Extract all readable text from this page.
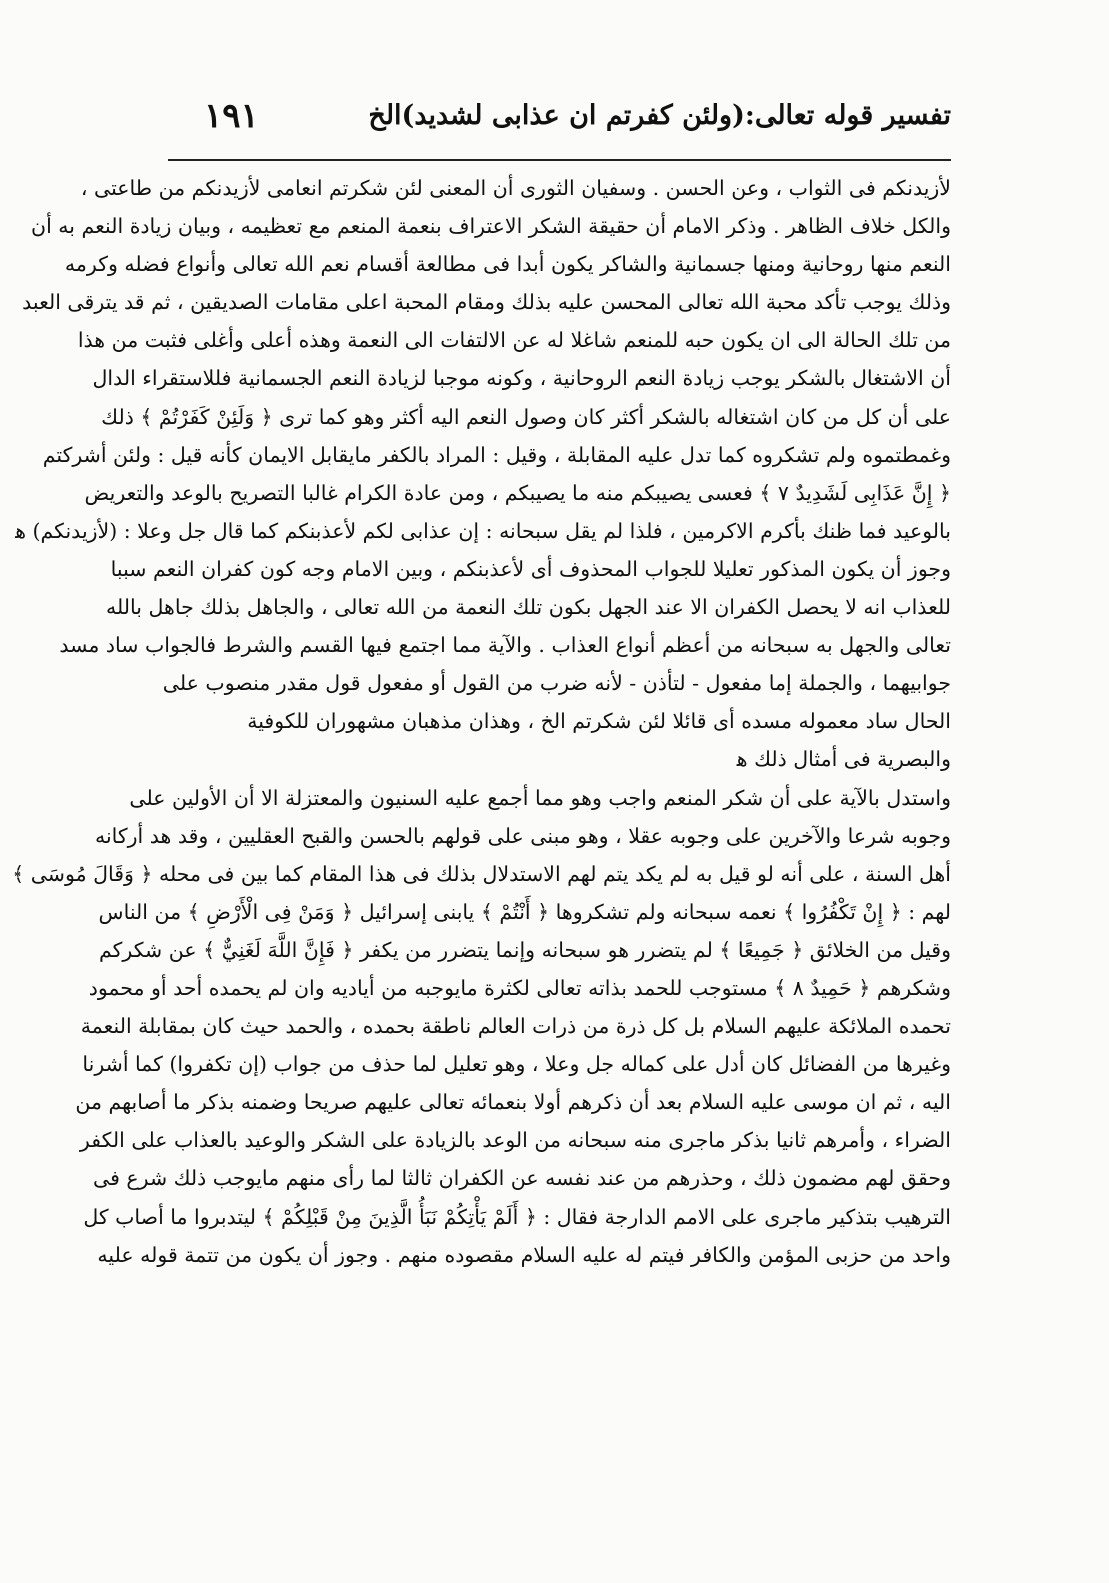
تفسير قوله تعالى:(ولئن كفرتم ان عذابى لشديد)الخ
١٩١
لأزيدنكم فى الثواب ، وعن الحسن . وسفيان الثورى أن المعنى لئن شكرتم انعامى لأزيدنكم من طاعتى ،
والكل خلاف الظاهر . وذكر الامام أن حقيقة الشكر الاعتراف بنعمة المنعم مع تعظيمه ، وبيان زيادة النعم به أن
النعم منها روحانية ومنها جسمانية والشاكر يكون أبدا فى مطالعة أقسام نعم الله تعالى وأنواع فضله وكرمه
وذلك يوجب تأكد محبة الله تعالى المحسن عليه بذلك ومقام المحبة اعلى مقامات الصديقين ، ثم قد يترقى العبد
من تلك الحالة الى ان يكون حبه للمنعم شاغلا له عن الالتفات الى النعمة وهذه أعلى وأغلى فثبت من هذا
أن الاشتغال بالشكر يوجب زيادة النعم الروحانية ، وكونه موجبا لزيادة النعم الجسمانية فللاستقراء الدال
على أن كل من كان اشتغاله بالشكر أكثر كان وصول النعم اليه أكثر وهو كما ترى ﴿ وَلَئِنْ كَفَرْتُمْ ﴾ ذلك
وغمطتموه ولم تشكروه كما تدل عليه المقابلة ، وقيل : المراد بالكفر مايقابل الايمان كأنه قيل : ولئن أشركتم
﴿ إِنَّ عَذَابِى لَشَدِيدٌ ٧ ﴾ فعسى يصيبكم منه ما يصيبكم ، ومن عادة الكرام غالبا التصريح بالوعد والتعريض
بالوعيد فما ظنك بأكرم الاكرمين ، فلذا لم يقل سبحانه : إن عذابى لكم لأعذبنكم كما قال جل وعلا : (لأزيدنكم) ﻫ
وجوز أن يكون المذكور تعليلا للجواب المحذوف أى لأعذبنكم ، وبين الامام وجه كون كفران النعم سببا
للعذاب انه لا يحصل الكفران الا عند الجهل بكون تلك النعمة من الله تعالى ، والجاهل بذلك جاهل بالله
تعالى والجهل به سبحانه من أعظم أنواع العذاب . والآية مما اجتمع فيها القسم والشرط فالجواب ساد مسد
جوابيهما ، والجملة إما مفعول - لتأذن - لأنه ضرب من القول أو مفعول قول مقدر منصوب على
الحال ساد معموله مسده أى قائلا لئن شكرتم الخ ، وهذان مذهبان مشهوران للكوفية
والبصرية فى أمثال ذلك ﻫ
واستدل بالآية على أن شكر المنعم واجب وهو مما أجمع عليه السنيون والمعتزلة الا أن الأولين على
وجوبه شرعا والآخرين على وجوبه عقلا ، وهو مبنى على قولهم بالحسن والقبح العقليين ، وقد هد أركانه
أهل السنة ، على أنه لو قيل به لم يكد يتم لهم الاستدلال بذلك فى هذا المقام كما بين فى محله ﴿ وَقَالَ مُوسَى ﴾
لهم : ﴿ إِنْ تَكْفُرُوا ﴾ نعمه سبحانه ولم تشكروها ﴿ أَنْتُمْ ﴾ يابنى إسرائيل ﴿ وَمَنْ فِى الْأَرْضِ ﴾ من الناس
وقيل من الخلائق ﴿ جَمِيعًا ﴾ لم يتضرر هو سبحانه وإنما يتضرر من يكفر ﴿ فَإِنَّ اللَّهَ لَغَنِيٌّ ﴾ عن شكركم
وشكرهم ﴿ حَمِيدٌ ٨ ﴾ مستوجب للحمد بذاته تعالى لكثرة مايوجبه من أياديه وان لم يحمده أحد أو محمود
تحمده الملائكة عليهم السلام بل كل ذرة من ذرات العالم ناطقة بحمده ، والحمد حيث كان بمقابلة النعمة
وغيرها من الفضائل كان أدل على كماله جل وعلا ، وهو تعليل لما حذف من جواب (إن تكفروا) كما أشرنا
اليه ، ثم ان موسى عليه السلام بعد أن ذكرهم أولا بنعمائه تعالى عليهم صريحا وضمنه بذكر ما أصابهم من
الضراء ، وأمرهم ثانيا بذكر ماجرى منه سبحانه من الوعد بالزيادة على الشكر والوعيد بالعذاب على الكفر
وحقق لهم مضمون ذلك ، وحذرهم من عند نفسه عن الكفران ثالثا لما رأى منهم مايوجب ذلك شرع فى
الترهيب بتذكير ماجرى على الامم الدارجة فقال : ﴿ أَلَمْ يَأْتِكُمْ نَبَأُ الَّذِينَ مِنْ قَبْلِكُمْ ﴾ ليتدبروا ما أصاب كل
واحد من حزبى المؤمن والكافر فيتم له عليه السلام مقصوده منهم . وجوز أن يكون من تتمة قوله عليه
